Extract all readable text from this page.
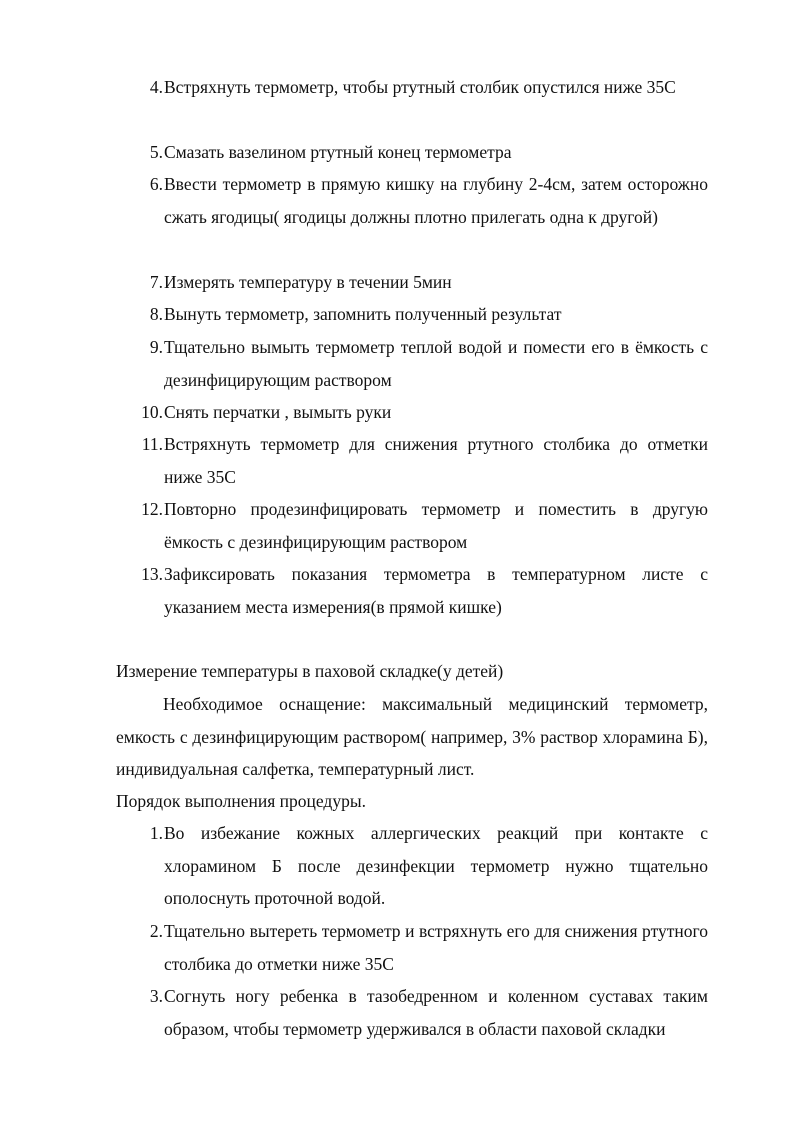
4. Встряхнуть термометр, чтобы ртутный столбик опустился ниже 35С
5. Смазать вазелином ртутный конец термометра
6. Ввести термометр в прямую кишку на глубину 2-4см, затем осторожно сжать ягодицы( ягодицы должны плотно прилегать одна к другой)
7. Измерять температуру в течении 5мин
8. Вынуть термометр, запомнить полученный результат
9. Тщательно вымыть термометр теплой водой и помести его в ёмкость с дезинфицирующим раствором
10. Снять перчатки , вымыть руки
11. Встряхнуть термометр для снижения ртутного столбика до отметки ниже 35С
12. Повторно продезинфицировать термометр и поместить в другую ёмкость с дезинфицирующим раствором
13. Зафиксировать показания термометра в температурном листе с указанием места измерения(в прямой кишке)

Измерение температуры в паховой складке(у детей)

Необходимое оснащение: максимальный медицинский термометр, емкость с дезинфицирующим раствором( например, 3% раствор хлорамина Б), индивидуальная салфетка, температурный лист.

Порядок выполнения процедуры.

1. Во избежание кожных аллергических реакций при контакте с хлорамином Б после дезинфекции термометр нужно тщательно ополоснуть проточной водой.
2. Тщательно вытереть термометр и встряхнуть его для снижения ртутного столбика до отметки ниже 35С
3. Согнуть ногу ребенка в тазобедренном и коленном суставах таким образом, чтобы термометр удерживался в области паховой складки
